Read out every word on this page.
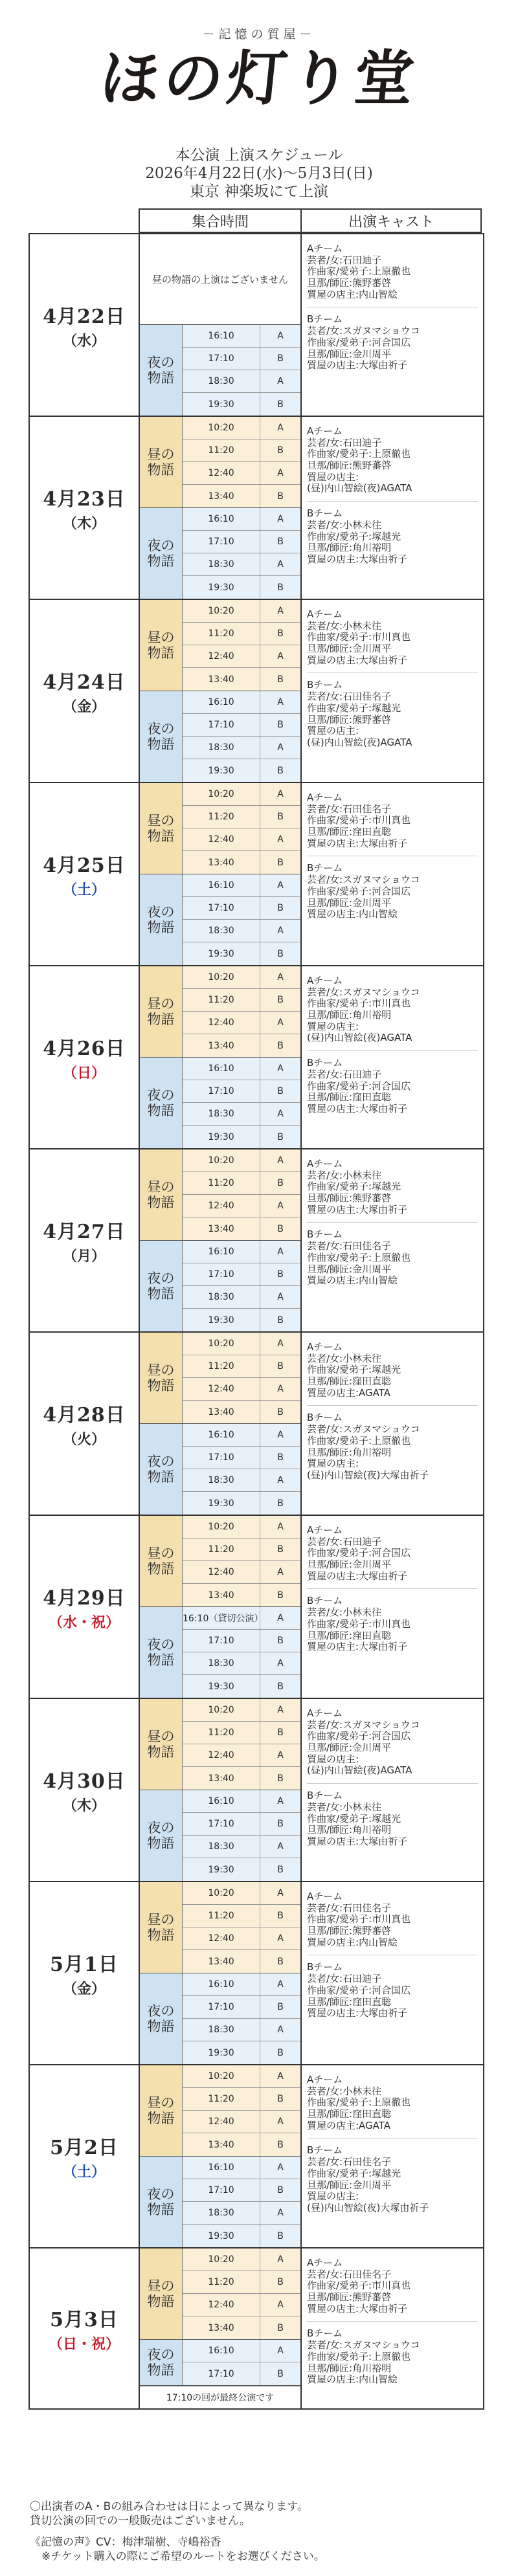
－記憶の質屋－
ほの灯り堂
本公演 上演スケジュール
2026年4月22日(水)～5月3日(日)
東京 神楽坂にて上演
集合時間	出演キャスト
4月22日
（水）
昼の物語の上演はございません
夜の
物語
16:10	A
17:10	B
18:30	A
19:30	B
Aチーム
芸者/女:石田迪子
作曲家/愛弟子:上原徹也
旦那/師匠:熊野蕃啓
質屋の店主:内山智絵
Bチーム
芸者/女:スガヌマショウコ
作曲家/愛弟子:河合国広
旦那/師匠:金川周平
質屋の店主:大塚由祈子
4月23日
（木）
昼の
物語
10:20	A
11:20	B
12:40	A
13:40	B
夜の
物語
16:10	A
17:10	B
18:30	A
19:30	B
Aチーム
芸者/女:石田迪子
作曲家/愛弟子:上原徹也
旦那/師匠:熊野蕃啓
質屋の店主:
(昼)内山智絵(夜)AGATA
Bチーム
芸者/女:小林未往
作曲家/愛弟子:塚越光
旦那/師匠:角川裕明
質屋の店主:大塚由祈子
4月24日
（金）
昼の
物語
10:20	A
11:20	B
12:40	A
13:40	B
夜の
物語
16:10	A
17:10	B
18:30	A
19:30	B
Aチーム
芸者/女:小林未往
作曲家/愛弟子:市川真也
旦那/師匠:金川周平
質屋の店主:大塚由祈子
Bチーム
芸者/女:石田佳名子
作曲家/愛弟子:塚越光
旦那/師匠:熊野蕃啓
質屋の店主:
(昼)内山智絵(夜)AGATA
4月25日
（土）
昼の
物語
10:20	A
11:20	B
12:40	A
13:40	B
夜の
物語
16:10	A
17:10	B
18:30	A
19:30	B
Aチーム
芸者/女:石田佳名子
作曲家/愛弟子:市川真也
旦那/師匠:窪田直聡
質屋の店主:大塚由祈子
Bチーム
芸者/女:スガヌマショウコ
作曲家/愛弟子:河合国広
旦那/師匠:金川周平
質屋の店主:内山智絵
4月26日
（日）
昼の
物語
10:20	A
11:20	B
12:40	A
13:40	B
夜の
物語
16:10	A
17:10	B
18:30	A
19:30	B
Aチーム
芸者/女:スガヌマショウコ
作曲家/愛弟子:市川真也
旦那/師匠:角川裕明
質屋の店主:
(昼)内山智絵(夜)AGATA
Bチーム
芸者/女:石田迪子
作曲家/愛弟子:河合国広
旦那/師匠:窪田直聡
質屋の店主:大塚由祈子
4月27日
（月）
昼の
物語
10:20	A
11:20	B
12:40	A
13:40	B
夜の
物語
16:10	A
17:10	B
18:30	A
19:30	B
Aチーム
芸者/女:小林未往
作曲家/愛弟子:塚越光
旦那/師匠:熊野蕃啓
質屋の店主:大塚由祈子
Bチーム
芸者/女:石田佳名子
作曲家/愛弟子:上原徹也
旦那/師匠:金川周平
質屋の店主:内山智絵
4月28日
（火）
昼の
物語
10:20	A
11:20	B
12:40	A
13:40	B
夜の
物語
16:10	A
17:10	B
18:30	A
19:30	B
Aチーム
芸者/女:小林未往
作曲家/愛弟子:塚越光
旦那/師匠:窪田直聡
質屋の店主:AGATA
Bチーム
芸者/女:スガヌマショウコ
作曲家/愛弟子:上原徹也
旦那/師匠:角川裕明
質屋の店主:
(昼)内山智絵(夜)大塚由祈子
4月29日
（水・祝）
昼の
物語
10:20	A
11:20	B
12:40	A
13:40	B
夜の
物語
16:10（貸切公演）	A
17:10	B
18:30	A
19:30	B
Aチーム
芸者/女:石田迪子
作曲家/愛弟子:河合国広
旦那/師匠:金川周平
質屋の店主:大塚由祈子
Bチーム
芸者/女:小林未往
作曲家/愛弟子:市川真也
旦那/師匠:窪田直聡
質屋の店主:大塚由祈子
4月30日
（木）
昼の
物語
10:20	A
11:20	B
12:40	A
13:40	B
夜の
物語
16:10	A
17:10	B
18:30	A
19:30	B
Aチーム
芸者/女:スガヌマショウコ
作曲家/愛弟子:河合国広
旦那/師匠:金川周平
質屋の店主:
(昼)内山智絵(夜)AGATA
Bチーム
芸者/女:小林未往
作曲家/愛弟子:塚越光
旦那/師匠:角川裕明
質屋の店主:大塚由祈子
5月1日
（金）
昼の
物語
10:20	A
11:20	B
12:40	A
13:40	B
夜の
物語
16:10	A
17:10	B
18:30	A
19:30	B
Aチーム
芸者/女:石田佳名子
作曲家/愛弟子:市川真也
旦那/師匠:熊野蕃啓
質屋の店主:内山智絵
Bチーム
芸者/女:石田迪子
作曲家/愛弟子:河合国広
旦那/師匠:窪田直聡
質屋の店主:大塚由祈子
5月2日
（土）
昼の
物語
10:20	A
11:20	B
12:40	A
13:40	B
夜の
物語
16:10	A
17:10	B
18:30	A
19:30	B
Aチーム
芸者/女:小林未往
作曲家/愛弟子:上原徹也
旦那/師匠:窪田直聡
質屋の店主:AGATA
Bチーム
芸者/女:石田佳名子
作曲家/愛弟子:塚越光
旦那/師匠:金川周平
質屋の店主:
(昼)内山智絵(夜)大塚由祈子
5月3日
（日・祝）
昼の
物語
10:20	A
11:20	B
12:40	A
13:40	B
夜の
物語
16:10	A
17:10	B
17:10の回が最終公演です
Aチーム
芸者/女:石田佳名子
作曲家/愛弟子:市川真也
旦那/師匠:熊野蕃啓
質屋の店主:大塚由祈子
Bチーム
芸者/女:スガヌマショウコ
作曲家/愛弟子:上原徹也
旦那/師匠:角川裕明
質屋の店主:内山智絵
〇出演者のA・Bの組み合わせは日によって異なります。
貸切公演の回での一般販売はございません。
《記憶の声》CV：梅津瑞樹、寺嶋裕香
※チケット購入の際にご希望のルートをお選びください。
